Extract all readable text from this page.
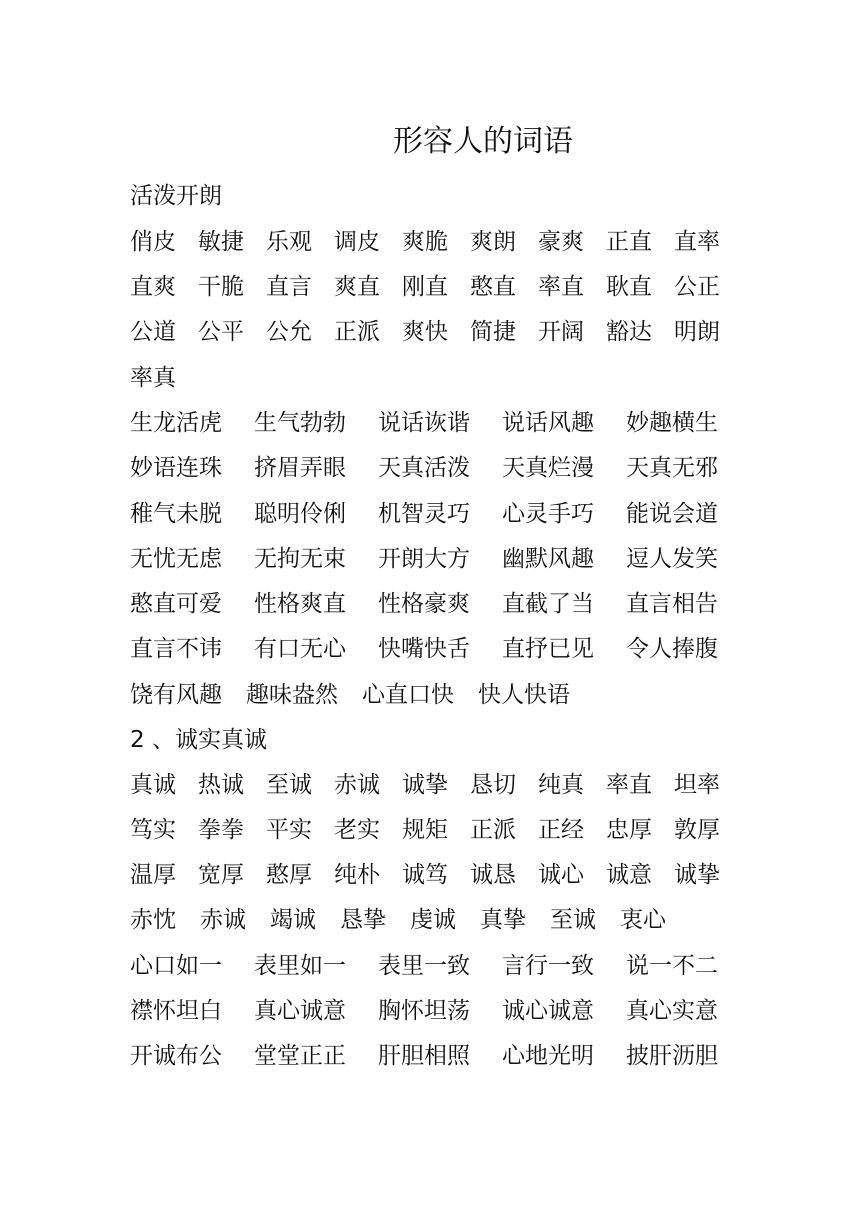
形容人的词语
活泼开朗
2 、诚实真诚
俏皮 敏捷 乐观 调皮 爽脆 爽朗 豪爽 正直 直率
直爽 干脆 直言 爽直 刚直 憨直 率直 耿直 公正
公道 公平 公允 正派 爽快 简捷 开阔 豁达 明朗
率真
生龙活虎 生气勃勃 说话诙谐 说话风趣 妙趣横生
妙语连珠 挤眉弄眼 天真活泼 天真烂漫 天真无邪
稚气未脱 聪明伶俐 机智灵巧 心灵手巧 能说会道
无忧无虑 无拘无束 开朗大方 幽默风趣 逗人发笑
憨直可爱 性格爽直 性格豪爽 直截了当 直言相告
直言不讳 有口无心 快嘴快舌 直抒已见 令人捧腹
饶有风趣 趣味盎然 心直口快 快人快语
真诚 热诚 至诚 赤诚 诚挚 恳切 纯真 率直 坦率
笃实 拳拳 平实 老实 规矩 正派 正经 忠厚 敦厚
温厚 宽厚 憨厚 纯朴 诚笃 诚恳 诚心 诚意 诚挚
赤忱 赤诚 竭诚 恳挚 虔诚 真挚 至诚 衷心
心口如一 表里如一 表里一致 言行一致 说一不二
襟怀坦白 真心诚意 胸怀坦荡 诚心诚意 真心实意
开诚布公 堂堂正正 肝胆相照 心地光明 披肝沥胆
